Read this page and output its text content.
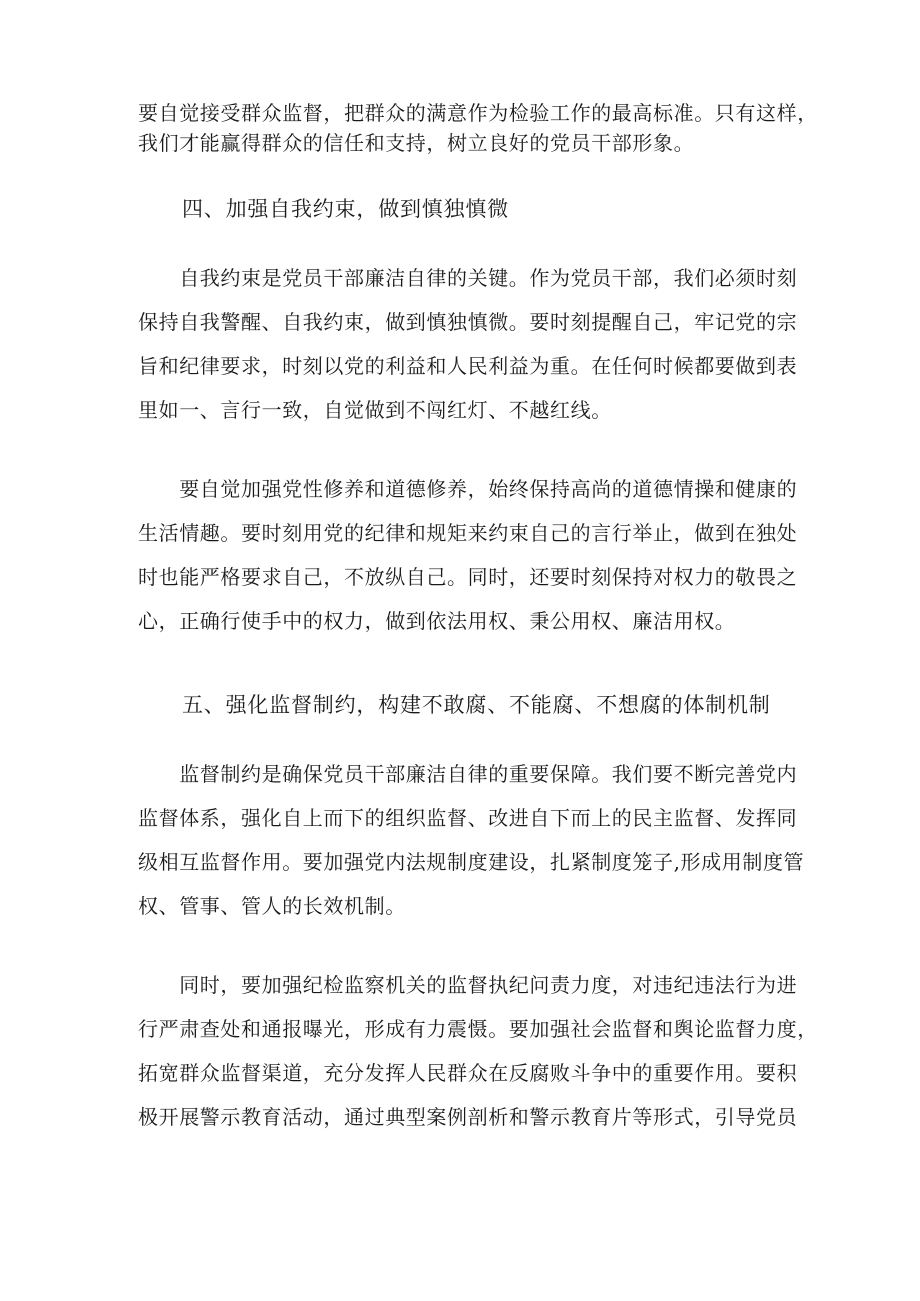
要自觉接受群众监督，把群众的满意作为检验工作的最高标准。只有这样，
我们才能赢得群众的信任和支持，树立良好的党员干部形象。

四、加强自我约束，做到慎独慎微

　　自我约束是党员干部廉洁自律的关键。作为党员干部，我们必须时刻
保持自我警醒、自我约束，做到慎独慎微。要时刻提醒自己，牢记党的宗
旨和纪律要求，时刻以党的利益和人民利益为重。在任何时候都要做到表
里如一、言行一致，自觉做到不闯红灯、不越红线。

　　要自觉加强党性修养和道德修养，始终保持高尚的道德情操和健康的
生活情趣。要时刻用党的纪律和规矩来约束自己的言行举止，做到在独处
时也能严格要求自己，不放纵自己。同时，还要时刻保持对权力的敬畏之
心，正确行使手中的权力，做到依法用权、秉公用权、廉洁用权。

五、强化监督制约，构建不敢腐、不能腐、不想腐的体制机制

　　监督制约是确保党员干部廉洁自律的重要保障。我们要不断完善党内
监督体系，强化自上而下的组织监督、改进自下而上的民主监督、发挥同
级相互监督作用。要加强党内法规制度建设，扎紧制度笼子,形成用制度管
权、管事、管人的长效机制。

　　同时，要加强纪检监察机关的监督执纪问责力度，对违纪违法行为进
行严肃查处和通报曝光，形成有力震慑。要加强社会监督和舆论监督力度，
拓宽群众监督渠道，充分发挥人民群众在反腐败斗争中的重要作用。要积
极开展警示教育活动，通过典型案例剖析和警示教育片等形式，引导党员
